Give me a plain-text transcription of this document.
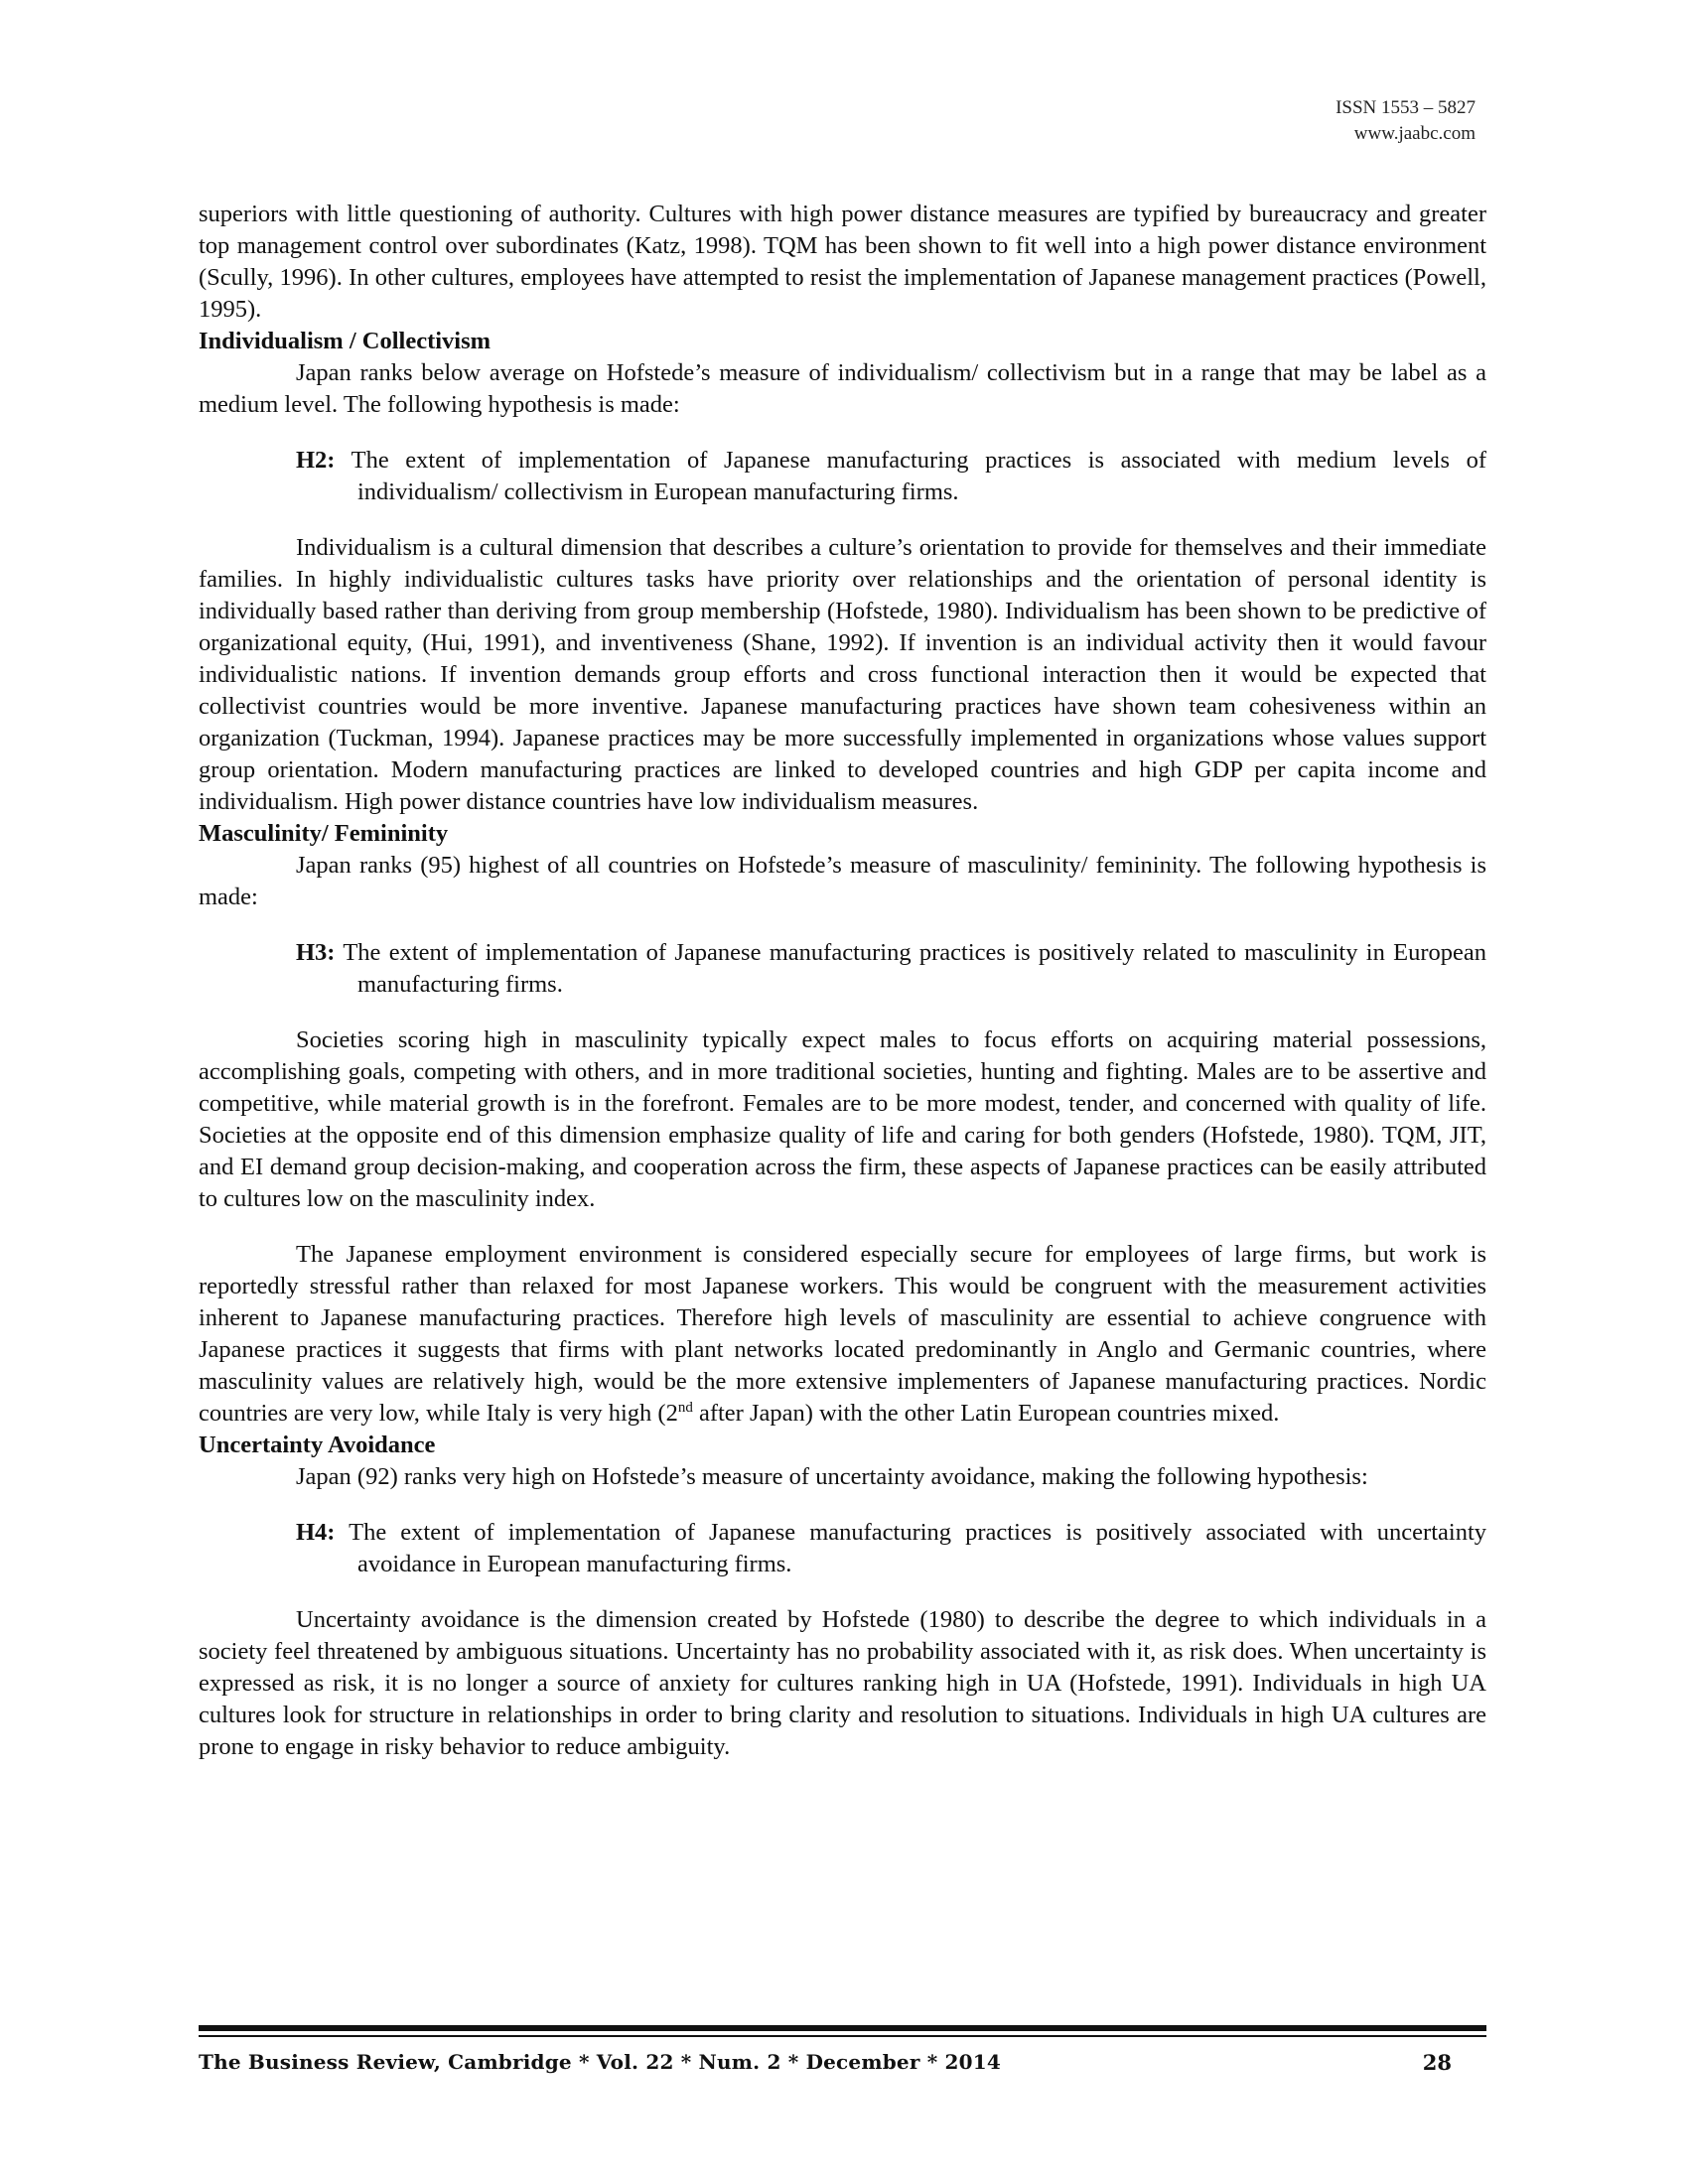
ISSN 1553 – 5827
www.jaabc.com

superiors with little questioning of authority. Cultures with high power distance measures are typified by bureaucracy and greater top management control over subordinates (Katz, 1998). TQM has been shown to fit well into a high power distance environment (Scully, 1996). In other cultures, employees have attempted to resist the implementation of Japanese management practices (Powell, 1995).

Individualism / Collectivism

Japan ranks below average on Hofstede’s measure of individualism/ collectivism but in a range that may be label as a medium level. The following hypothesis is made:

H2: The extent of implementation of Japanese manufacturing practices is associated with medium levels of individualism/ collectivism in European manufacturing firms.

Individualism is a cultural dimension that describes a culture’s orientation to provide for themselves and their immediate families. In highly individualistic cultures tasks have priority over relationships and the orientation of personal identity is individually based rather than deriving from group membership (Hofstede, 1980). Individualism has been shown to be predictive of organizational equity, (Hui, 1991), and inventiveness (Shane, 1992). If invention is an individual activity then it would favour individualistic nations. If invention demands group efforts and cross functional interaction then it would be expected that collectivist countries would be more inventive. Japanese manufacturing practices have shown team cohesiveness within an organization (Tuckman, 1994). Japanese practices may be more successfully implemented in organizations whose values support group orientation. Modern manufacturing practices are linked to developed countries and high GDP per capita income and individualism. High power distance countries have low individualism measures.

Masculinity/ Femininity

Japan ranks (95) highest of all countries on Hofstede’s measure of masculinity/ femininity. The following hypothesis is made:

H3: The extent of implementation of Japanese manufacturing practices is positively related to masculinity in European manufacturing firms.

Societies scoring high in masculinity typically expect males to focus efforts on acquiring material possessions, accomplishing goals, competing with others, and in more traditional societies, hunting and fighting. Males are to be assertive and competitive, while material growth is in the forefront. Females are to be more modest, tender, and concerned with quality of life. Societies at the opposite end of this dimension emphasize quality of life and caring for both genders (Hofstede, 1980). TQM, JIT, and EI demand group decision-making, and cooperation across the firm, these aspects of Japanese practices can be easily attributed to cultures low on the masculinity index.

The Japanese employment environment is considered especially secure for employees of large firms, but work is reportedly stressful rather than relaxed for most Japanese workers. This would be congruent with the measurement activities inherent to Japanese manufacturing practices. Therefore high levels of masculinity are essential to achieve congruence with Japanese practices it suggests that firms with plant networks located predominantly in Anglo and Germanic countries, where masculinity values are relatively high, would be the more extensive implementers of Japanese manufacturing practices. Nordic countries are very low, while Italy is very high (2nd after Japan) with the other Latin European countries mixed.

Uncertainty Avoidance

Japan (92) ranks very high on Hofstede’s measure of uncertainty avoidance, making the following hypothesis:

H4: The extent of implementation of Japanese manufacturing practices is positively associated with uncertainty avoidance in European manufacturing firms.

Uncertainty avoidance is the dimension created by Hofstede (1980) to describe the degree to which individuals in a society feel threatened by ambiguous situations. Uncertainty has no probability associated with it, as risk does. When uncertainty is expressed as risk, it is no longer a source of anxiety for cultures ranking high in UA (Hofstede, 1991). Individuals in high UA cultures look for structure in relationships in order to bring clarity and resolution to situations. Individuals in high UA cultures are prone to engage in risky behavior to reduce ambiguity.

The Business Review, Cambridge * Vol. 22 * Num. 2 * December * 2014	28
